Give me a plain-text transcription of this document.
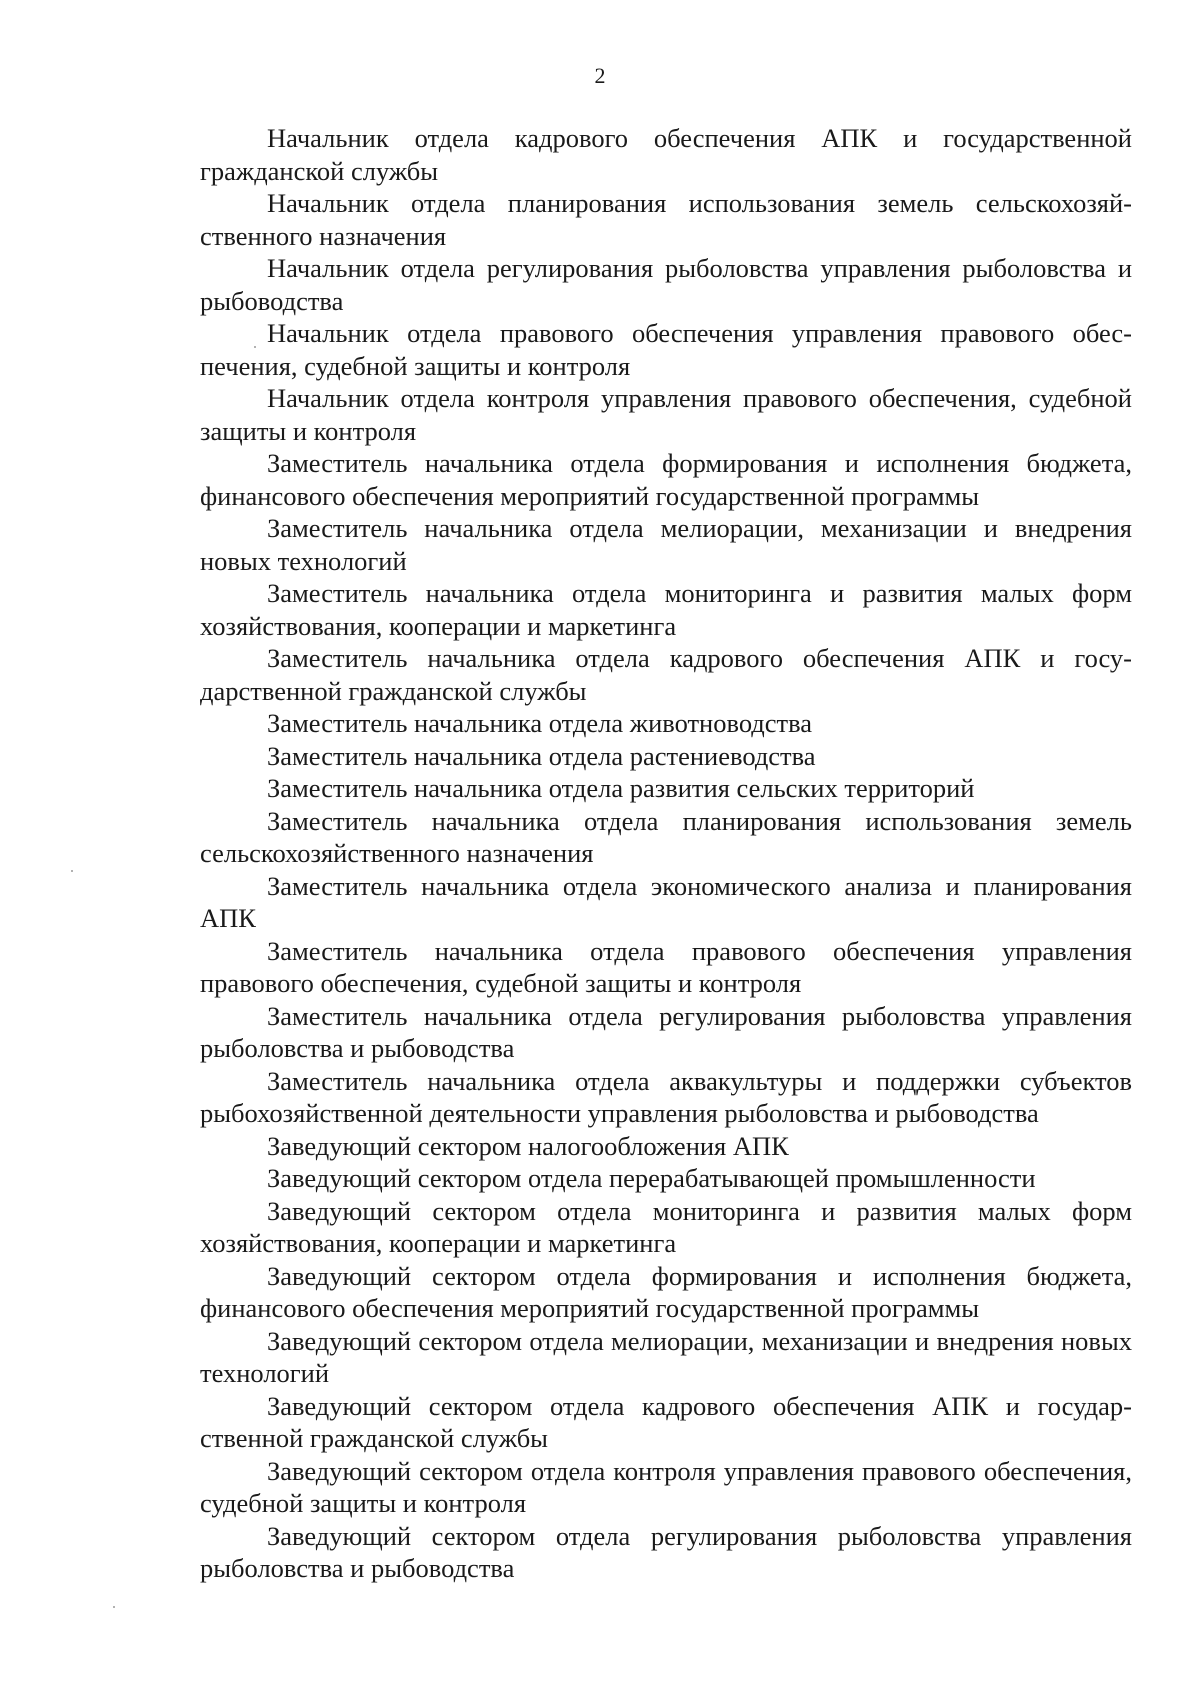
2

Начальник отдела кадрового обеспечения АПК и государственной гражданской службы

Начальник отдела планирования использования земель сельскохозяйственного назначения

Начальник отдела регулирования рыболовства управления рыболовства и рыбоводства

Начальник отдела правового обеспечения управления правового обеспечения, судебной защиты и контроля

Начальник отдела контроля управления правового обеспечения, судебной защиты и контроля

Заместитель начальника отдела формирования и исполнения бюджета, финансового обеспечения мероприятий государственной программы

Заместитель начальника отдела мелиорации, механизации и внедрения новых технологий

Заместитель начальника отдела мониторинга и развития малых форм хозяйствования, кооперации и маркетинга

Заместитель начальника отдела кадрового обеспечения АПК и государственной гражданской службы

Заместитель начальника отдела животноводства

Заместитель начальника отдела растениеводства

Заместитель начальника отдела развития сельских территорий

Заместитель начальника отдела планирования использования земель сельскохозяйственного назначения

Заместитель начальника отдела экономического анализа и планирования АПК

Заместитель начальника отдела правового обеспечения управления правового обеспечения, судебной защиты и контроля

Заместитель начальника отдела регулирования рыболовства управления рыболовства и рыбоводства

Заместитель начальника отдела аквакультуры и поддержки субъектов рыбохозяйственной деятельности управления рыболовства и рыбоводства

Заведующий сектором налогообложения АПК

Заведующий сектором отдела перерабатывающей промышленности

Заведующий сектором отдела мониторинга и развития малых форм хозяйствования, кооперации и маркетинга

Заведующий сектором отдела формирования и исполнения бюджета, финансового обеспечения мероприятий государственной программы

Заведующий сектором отдела мелиорации, механизации и внедрения новых технологий

Заведующий сектором отдела кадрового обеспечения АПК и государственной гражданской службы

Заведующий сектором отдела контроля управления правового обеспечения, судебной защиты и контроля

Заведующий сектором отдела регулирования рыболовства управления рыболовства и рыбоводства
